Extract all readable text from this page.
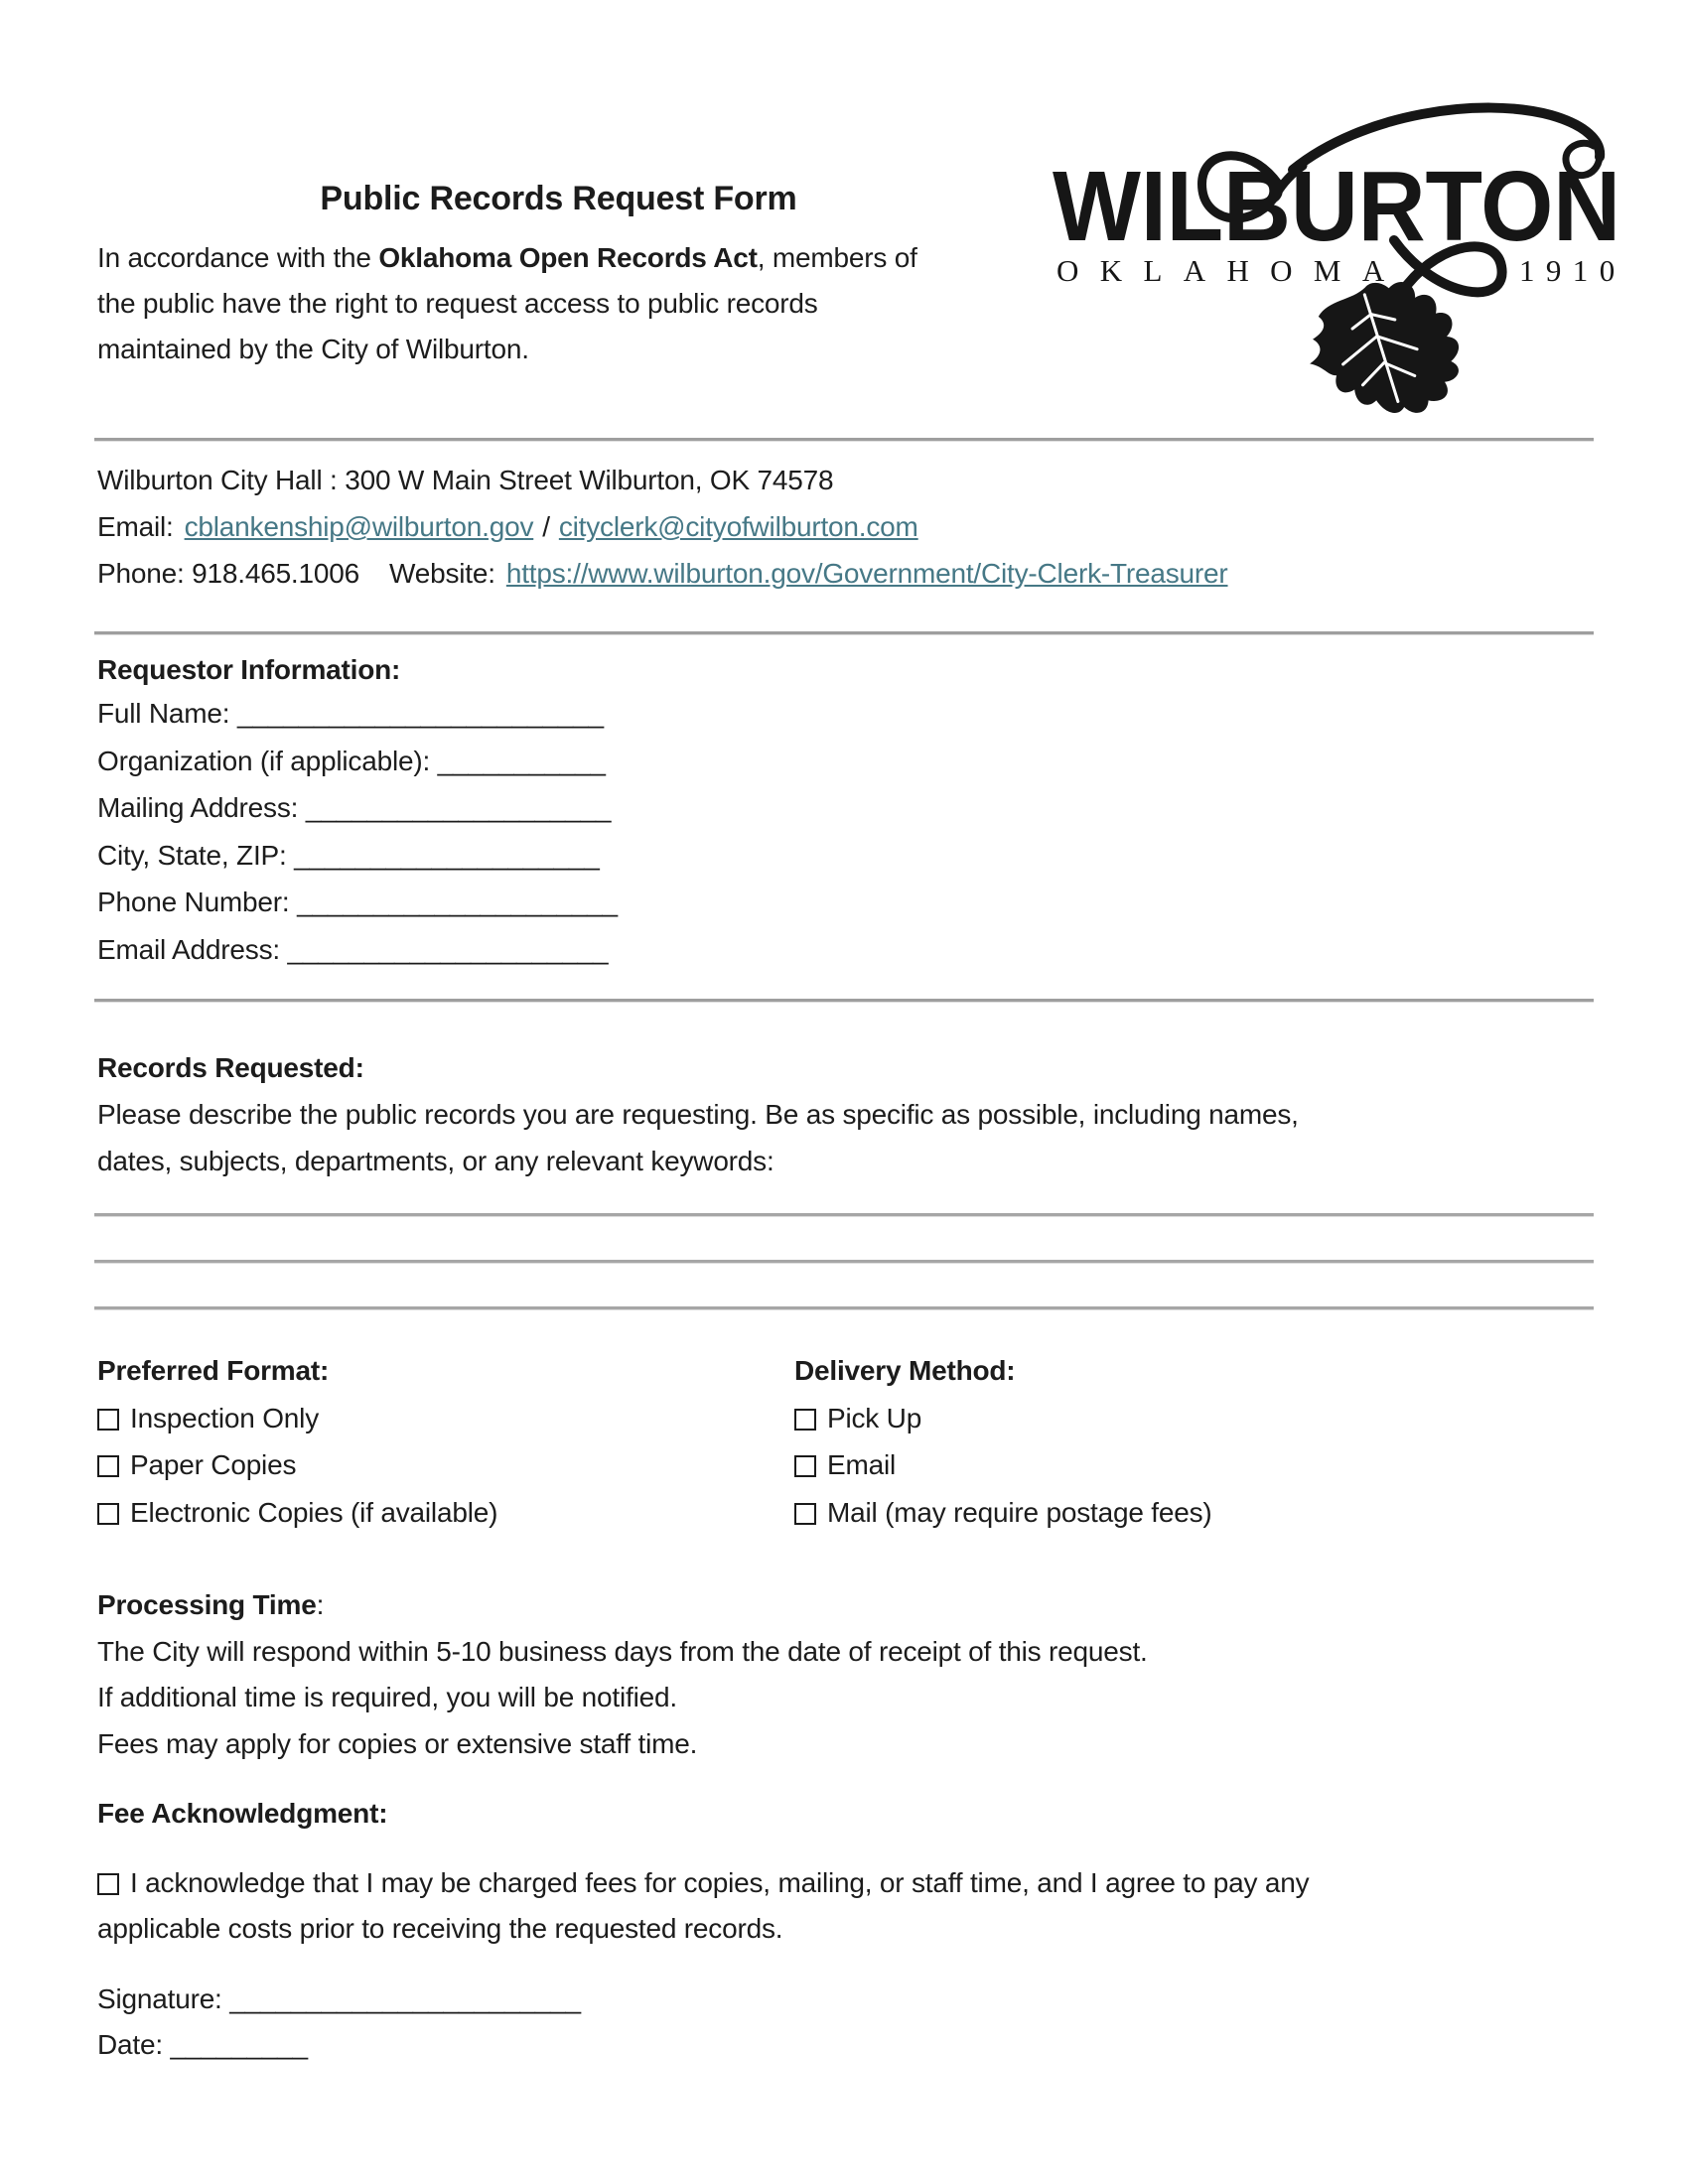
Public Records Request Form
In accordance with the Oklahoma Open Records Act, members of
the public have the right to request access to public records
maintained by the City of Wilburton.
WILBURTON
OKLAHOMA	1910
Wilburton City Hall : 300 W Main Street Wilburton, OK 74578
Email: cblankenship@wilburton.gov / cityclerk@cityofwilburton.com
Phone: 918.465.1006 Website: https://www.wilburton.gov/Government/City-Clerk-Treasurer
Requestor Information:
Full Name: ________________________
Organization (if applicable): ___________
Mailing Address: ____________________
City, State, ZIP: ____________________
Phone Number: _____________________
Email Address: _____________________
Records Requested:
Please describe the public records you are requesting. Be as specific as possible, including names,
dates, subjects, departments, or any relevant keywords:
Preferred Format:
Inspection Only
Paper Copies
Electronic Copies (if available)
Delivery Method:
Pick Up
Email
Mail (may require postage fees)
Processing Time:
The City will respond within 5-10 business days from the date of receipt of this request.
If additional time is required, you will be notified.
Fees may apply for copies or extensive staff time.
Fee Acknowledgment:
I acknowledge that I may be charged fees for copies, mailing, or staff time, and I agree to pay any
applicable costs prior to receiving the requested records.
Signature: _______________________
Date: _________
